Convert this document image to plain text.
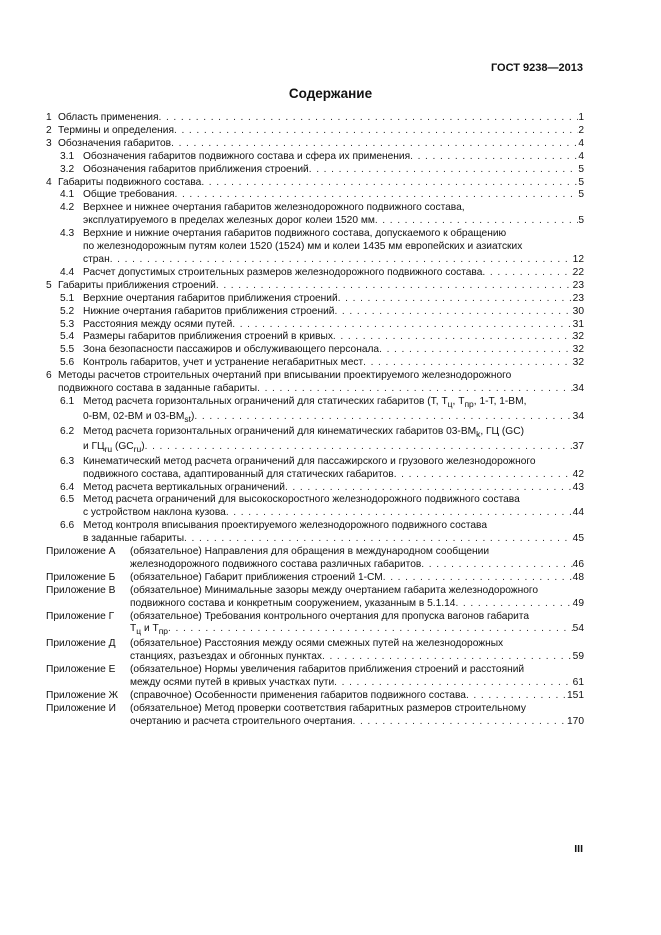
ГОСТ 9238—2013
Содержание
1 Область применения . . .	1
2 Термины и определения . . .	2
3 Обозначения габаритов . . .	4
3.1 Обозначения габаритов подвижного состава и сфера их применения . . .	4
3.2 Обозначения габаритов приближения строений . . .	5
4 Габариты подвижного состава . . .	5
4.1 Общие требования . . .	5
4.2 Верхнее и нижнее очертания габаритов железнодорожного подвижного состава,
эксплуатируемого в пределах железных дорог колеи 1520 мм . . .	5
4.3 Верхние и нижние очертания габаритов подвижного состава, допускаемого к обращению
по железнодорожным путям колеи 1520 (1524) мм и колеи 1435 мм европейских и азиатских
стран . . .	12
4.4 Расчет допустимых строительных размеров железнодорожного подвижного состава . . .	22
5 Габариты приближения строений . . .	23
5.1 Верхние очертания габаритов приближения строений . . .	23
5.2 Нижние очертания габаритов приближения строений . . .	30
5.3 Расстояния между осями путей . . .	31
5.4 Размеры габаритов приближения строений в кривых . . .	32
5.5 Зона безопасности пассажиров и обслуживающего персонала . . .	32
5.6 Контроль габаритов, учет и устранение негабаритных мест . . .	32
6 Методы расчетов строительных очертаний при вписывании проектируемого железнодорожного
подвижного состава в заданные габариты . . .	34
6.1 Метод расчета горизонтальных ограничений для статических габаритов (Т, $Т_ц$, $Т_{пр}$, 1-Т, 1-ВМ,
0-ВМ, 02-ВМ и $03-ВМ_{st}$) . . .	34
6.2 Метод расчета горизонтальных ограничений для кинематических габаритов $03-ВМ_k$, ГЦ (GC)
и $ГЦ_{ru}$ $(GC_{ru})$ . . .	37
6.3 Кинематический метод расчета ограничений для пассажирского и грузового железнодорожного
подвижного состава, адаптированный для статических габаритов . . .	42
6.4 Метод расчета вертикальных ограничений . . .	43
6.5 Метод расчета ограничений для высокоскоростного железнодорожного подвижного состава
с устройством наклона кузова . . .	44
6.6 Метод контроля вписывания проектируемого железнодорожного подвижного состава
в заданные габариты . . .	45
Приложение А	(обязательное) Направления для обращения в международном сообщении
железнодорожного подвижного состава различных габаритов . . .	46
Приложение Б	(обязательное) Габарит приближения строений 1-СМ . . .	48
Приложение В	(обязательное) Минимальные зазоры между очертанием габарита железнодорожного
подвижного состава и конкретным сооружением, указанным в 5.1.14 . . .	49
Приложение Г	(обязательное) Требования контрольного очертания для пропуска вагонов габарита
$Т_ц$ и $Т_{пр}$ . . .	54
Приложение Д	(обязательное) Расстояния между осями смежных путей на железнодорожных
станциях, разъездах и обгонных пунктах . . .	59
Приложение Е	(обязательное) Нормы увеличения габаритов приближения строений и расстояний
между осями путей в кривых участках пути . . .	61
Приложение Ж	(справочное) Особенности применения габаритов подвижного состава . . .	151
Приложение И	(обязательное) Метод проверки соответствия габаритных размеров строительному
очертанию и расчета строительного очертания . . .	170
III
